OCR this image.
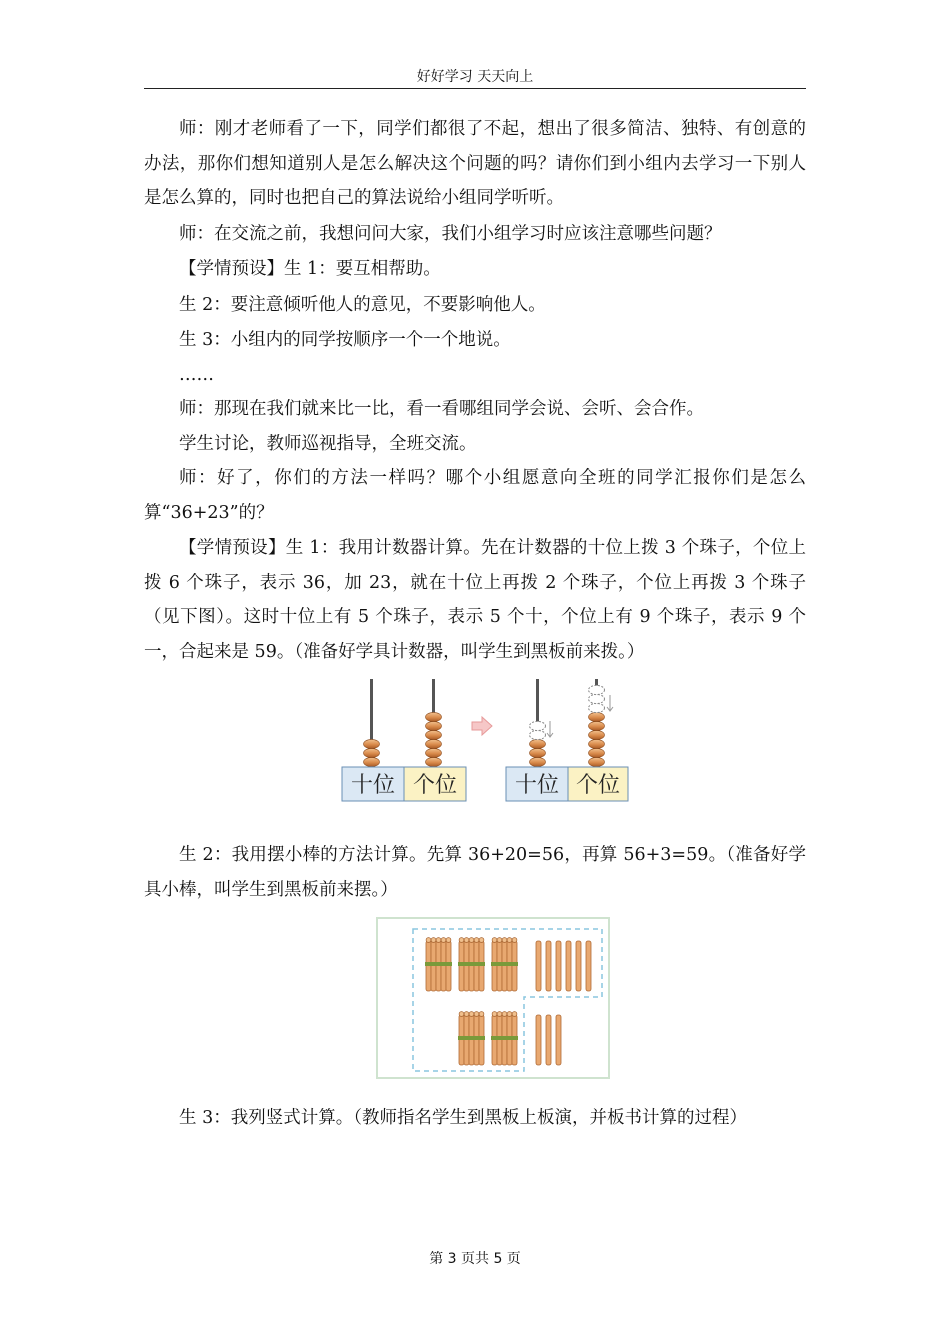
好好学习 天天向上

师：刚才老师看了一下，同学们都很了不起，想出了很多简洁、独特、有创意的办法，那你们想知道别人是怎么解决这个问题的吗？请你们到小组内去学习一下别人是怎么算的，同时也把自己的算法说给小组同学听听。

师：在交流之前，我想问问大家，我们小组学习时应该注意哪些问题？

【学情预设】生 1：要互相帮助。

生 2：要注意倾听他人的意见，不要影响他人。

生 3：小组内的同学按顺序一个一个地说。

……

师：那现在我们就来比一比，看一看哪组同学会说、会听、会合作。

学生讨论，教师巡视指导，全班交流。

师：好了，你们的方法一样吗？哪个小组愿意向全班的同学汇报你们是怎么算“36+23”的？

【学情预设】生 1：我用计数器计算。先在计数器的十位上拨 3 个珠子，个位上拨 6 个珠子，表示 36，加 23，就在十位上再拨 2 个珠子，个位上再拨 3 个珠子（见下图）。这时十位上有 5 个珠子，表示 5 个十，个位上有 9 个珠子，表示 9 个一，合起来是 59。（准备好学具计数器，叫学生到黑板前来拨。）

十位 个位	十位 个位

生 2：我用摆小棒的方法计算。先算 36+20=56，再算 56+3=59。（准备好学具小棒，叫学生到黑板前来摆。）

生 3：我列竖式计算。（教师指名学生到黑板上板演，并板书计算的过程）

第 3 页共 5 页
